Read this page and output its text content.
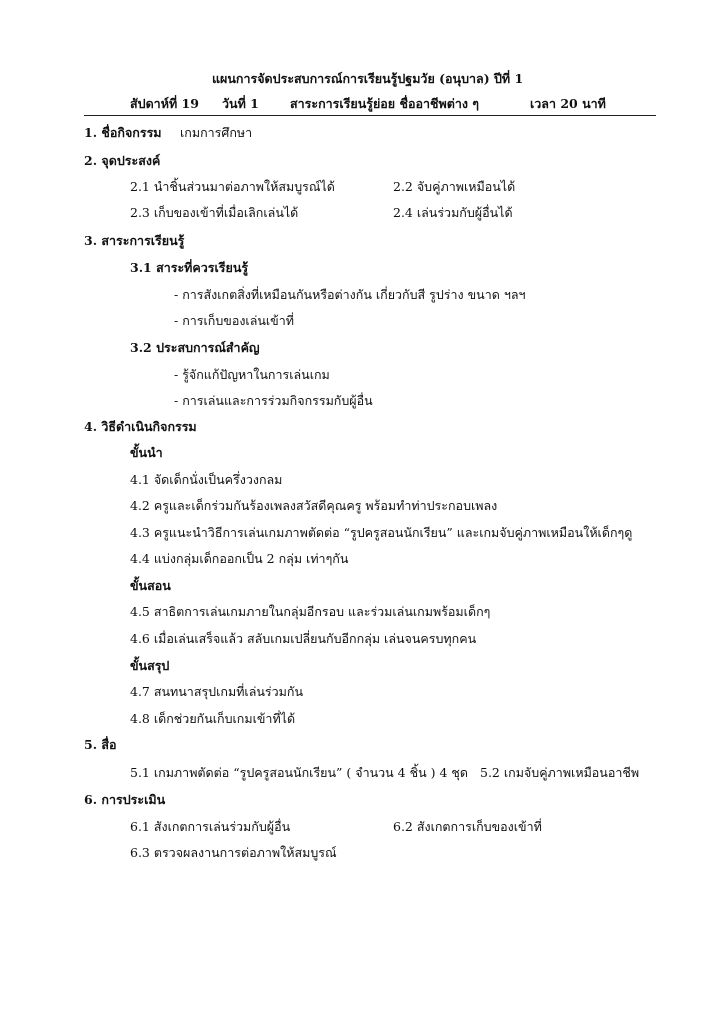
แผนการจัดประสบการณ์การเรียนรู้ปฐมวัย (อนุบาล) ปีที่ 1
สัปดาห์ที่ 19 วันที่ 1 สาระการเรียนรู้ย่อย ชื่ออาชีพต่าง ๆ	เวลา 20 นาที
1. ชื่อกิจกรรม เกมการศึกษา
2. จุดประสงค์
2.1 นำชิ้นส่วนมาต่อภาพให้สมบูรณ์ได้	2.2 จับคู่ภาพเหมือนได้
2.3 เก็บของเข้าที่เมื่อเลิกเล่นได้	2.4 เล่นร่วมกับผู้อื่นได้
3. สาระการเรียนรู้
3.1 สาระที่ควรเรียนรู้
- การสังเกตสิ่งที่เหมือนกันหรือต่างกัน เกี่ยวกับสี รูปร่าง ขนาด ฯลฯ
- การเก็บของเล่นเข้าที่
3.2 ประสบการณ์สำคัญ
- รู้จักแก้ปัญหาในการเล่นเกม
- การเล่นและการร่วมกิจกรรมกับผู้อื่น
4. วิธีดำเนินกิจกรรม
ขั้นนำ
4.1 จัดเด็กนั่งเป็นครึ่งวงกลม
4.2 ครูและเด็กร่วมกันร้องเพลงสวัสดีคุณครู พร้อมทำท่าประกอบเพลง
4.3 ครูแนะนำวิธีการเล่นเกมภาพตัดต่อ “รูปครูสอนนักเรียน” และเกมจับคู่ภาพเหมือนให้เด็กๆดู
4.4 แบ่งกลุ่มเด็กออกเป็น 2 กลุ่ม เท่าๆกัน
ขั้นสอน
4.5 สาธิตการเล่นเกมภายในกลุ่มอีกรอบ และร่วมเล่นเกมพร้อมเด็กๆ
4.6 เมื่อเล่นเสร็จแล้ว สลับเกมเปลี่ยนกับอีกกลุ่ม เล่นจนครบทุกคน
ขั้นสรุป
4.7 สนทนาสรุปเกมที่เล่นร่วมกัน
4.8 เด็กช่วยกันเก็บเกมเข้าที่ได้
5. สื่อ
5.1 เกมภาพตัดต่อ “รูปครูสอนนักเรียน” ( จำนวน 4 ชิ้น ) 4 ชุด 5.2 เกมจับคู่ภาพเหมือนอาชีพ
6. การประเมิน
6.1 สังเกตการเล่นร่วมกับผู้อื่น	6.2 สังเกตการเก็บของเข้าที่
6.3 ตรวจผลงานการต่อภาพให้สมบูรณ์
